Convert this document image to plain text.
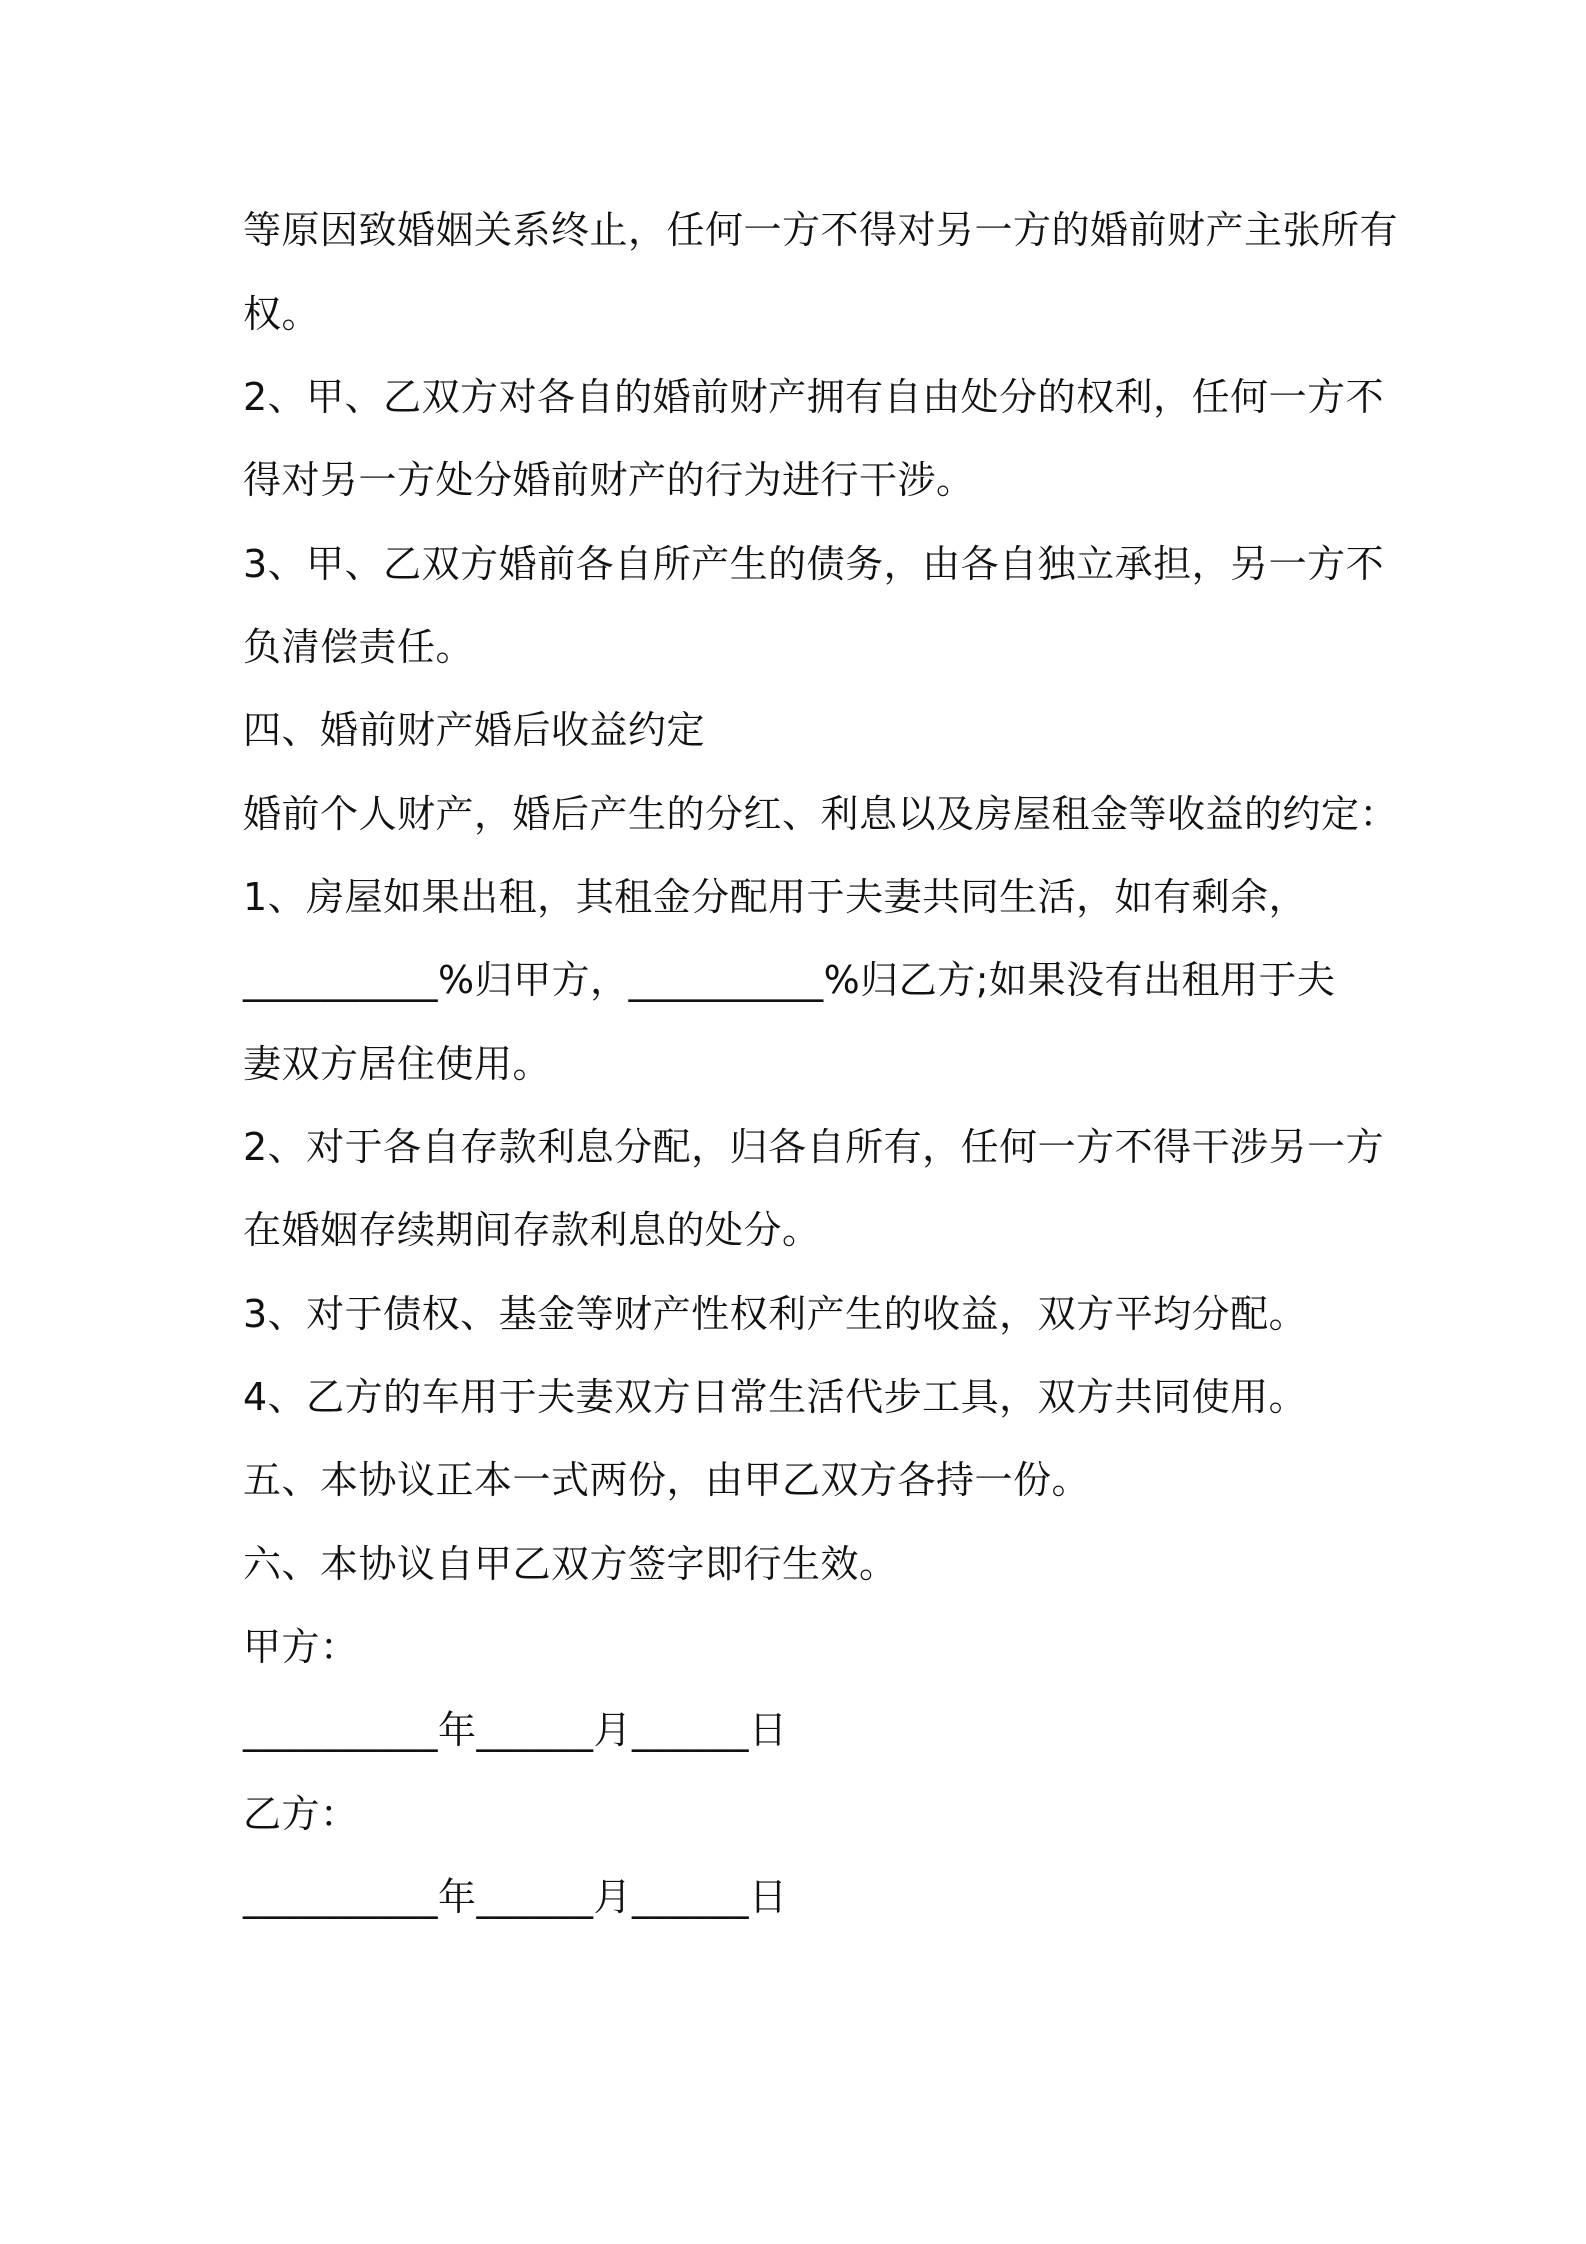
等原因致婚姻关系终止，任何一方不得对另一方的婚前财产主张所有
权。
2、甲、乙双方对各自的婚前财产拥有自由处分的权利，任何一方不
得对另一方处分婚前财产的行为进行干涉。
3、甲、乙双方婚前各自所产生的债务，由各自独立承担，另一方不
负清偿责任。
四、婚前财产婚后收益约定
婚前个人财产，婚后产生的分红、利息以及房屋租金等收益的约定：
1、房屋如果出租，其租金分配用于夫妻共同生活，如有剩余，
__________%归甲方，__________%归乙方;如果没有出租用于夫
妻双方居住使用。
2、对于各自存款利息分配，归各自所有，任何一方不得干涉另一方
在婚姻存续期间存款利息的处分。
3、对于债权、基金等财产性权利产生的收益，双方平均分配。
4、乙方的车用于夫妻双方日常生活代步工具，双方共同使用。
五、本协议正本一式两份，由甲乙双方各持一份。
六、本协议自甲乙双方签字即行生效。
甲方：
__________年______月______日
乙方：
__________年______月______日
